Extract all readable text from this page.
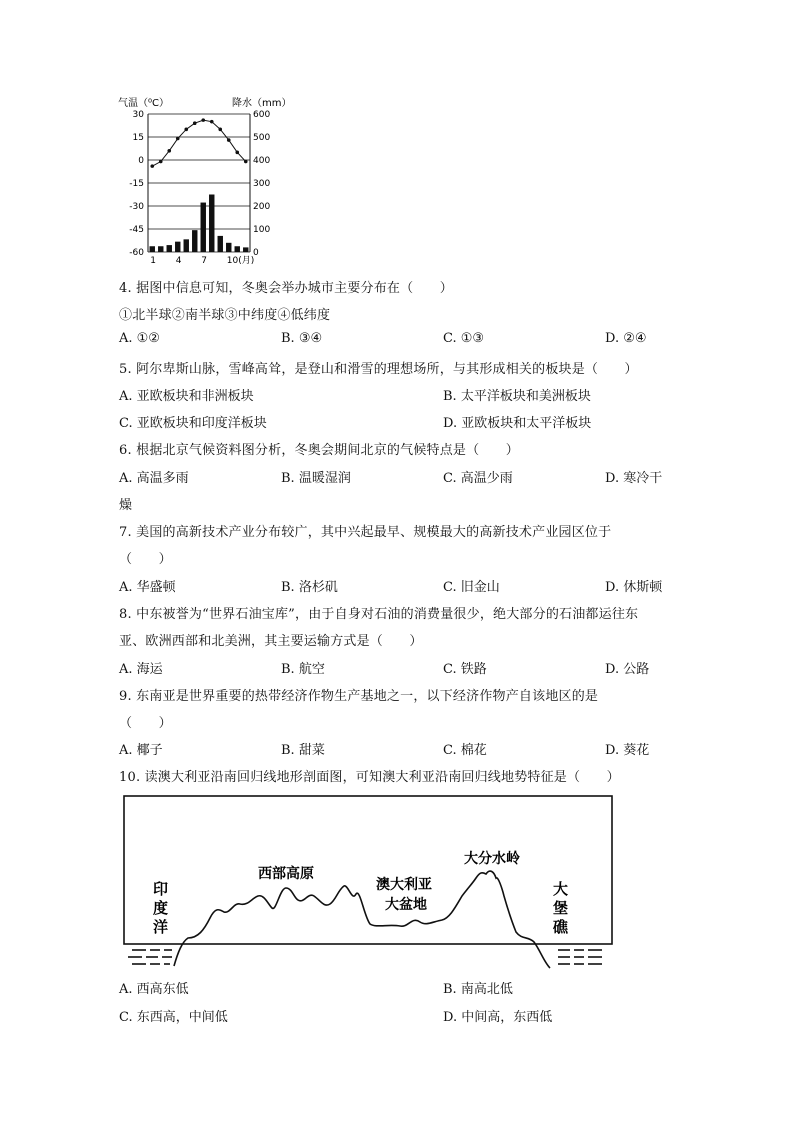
气温（⁰C）	降水（mm）
30
15
0
-15
-30
-45
-60
600
500
400
300
200
100
0
1 4 7 10(月)
4. 据图中信息可知，冬奥会举办城市主要分布在（　　）
①北半球②南半球③中纬度④低纬度
A. ①②	B. ③④	C. ①③	D. ②④
5. 阿尔卑斯山脉，雪峰高耸，是登山和滑雪的理想场所，与其形成相关的板块是（　　）
A. 亚欧板块和非洲板块	B. 太平洋板块和美洲板块
C. 亚欧板块和印度洋板块	D. 亚欧板块和太平洋板块
6. 根据北京气候资料图分析，冬奥会期间北京的气候特点是（　　）
A. 高温多雨	B. 温暖湿润	C. 高温少雨	D. 寒冷干
燥
7. 美国的高新技术产业分布较广，其中兴起最早、规模最大的高新技术产业园区位于
（　　）
A. 华盛顿	B. 洛杉矶	C. 旧金山	D. 休斯顿
8. 中东被誉为“世界石油宝库”，由于自身对石油的消费量很少，绝大部分的石油都运往东
亚、欧洲西部和北美洲，其主要运输方式是（　　）
A. 海运	B. 航空	C. 铁路	D. 公路
9. 东南亚是世界重要的热带经济作物生产基地之一，以下经济作物产自该地区的是
（　　）
A. 椰子	B. 甜菜	C. 棉花	D. 葵花
10. 读澳大利亚沿南回归线地形剖面图，可知澳大利亚沿南回归线地势特征是（　　）
印
度
洋
西部高原
澳大利亚
大盆地
大分水岭
大
堡
礁
A. 西高东低	B. 南高北低
C. 东西高，中间低	D. 中间高，东西低
